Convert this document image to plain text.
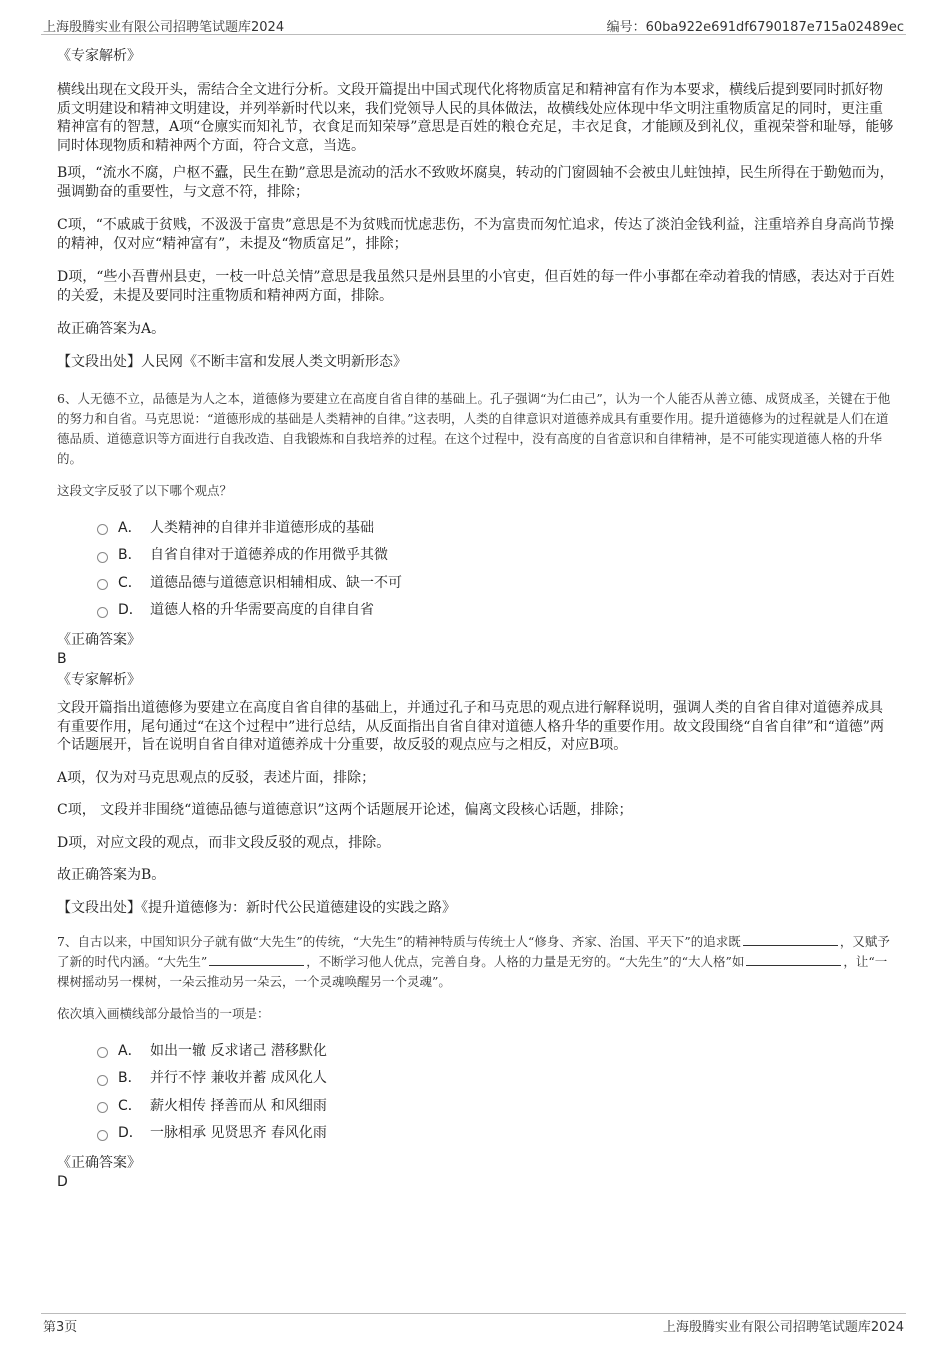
上海殷腾实业有限公司招聘笔试题库2024	编号：60ba922e691df6790187e715a02489ec

《专家解析》

横线出现在文段开头，需结合全文进行分析。文段开篇提出中国式现代化将物质富足和精神富有作为本要求，横线后提到要同时抓好物质文明建设和精神文明建设，并列举新时代以来，我们党领导人民的具体做法，故横线处应体现中华文明注重物质富足的同时，更注重精神富有的智慧，A项“仓廪实而知礼节，衣食足而知荣辱”意思是百姓的粮仓充足，丰衣足食，才能顾及到礼仪，重视荣誉和耻辱，能够同时体现物质和精神两个方面，符合文意，当选。

B项，“流水不腐，户枢不蠹，民生在勤”意思是流动的活水不致败坏腐臭，转动的门窗圆轴不会被虫儿蛀蚀掉，民生所得在于勤勉而为，强调勤奋的重要性，与文意不符，排除；

C项，“不戚戚于贫贱，不汲汲于富贵”意思是不为贫贱而忧虑悲伤，不为富贵而匆忙追求，传达了淡泊金钱利益，注重培养自身高尚节操的精神，仅对应“精神富有”，未提及“物质富足”，排除；

D项，“些小吾曹州县吏，一枝一叶总关情”意思是我虽然只是州县里的小官吏，但百姓的每一件小事都在牵动着我的情感，表达对于百姓的关爱，未提及要同时注重物质和精神两方面，排除。

故正确答案为A。

【文段出处】人民网《不断丰富和发展人类文明新形态》

6、人无德不立，品德是为人之本，道德修为要建立在高度自省自律的基础上。孔子强调“为仁由己”，认为一个人能否从善立德、成贤成圣，关键在于他的努力和自省。马克思说：“道德形成的基础是人类精神的自律。”这表明，人类的自律意识对道德养成具有重要作用。提升道德修为的过程就是人们在道德品质、道德意识等方面进行自我改造、自我锻炼和自我培养的过程。在这个过程中，没有高度的自省意识和自律精神，是不可能实现道德人格的升华的。

这段文字反驳了以下哪个观点？

A． 人类精神的自律并非道德形成的基础
B． 自省自律对于道德养成的作用微乎其微
C． 道德品德与道德意识相辅相成、缺一不可
D． 道德人格的升华需要高度的自律自省

《正确答案》

B

《专家解析》

文段开篇指出道德修为要建立在高度自省自律的基础上，并通过孔子和马克思的观点进行解释说明，强调人类的自省自律对道德养成具有重要作用，尾句通过“在这个过程中”进行总结，从反面指出自省自律对道德人格升华的重要作用。故文段围绕“自省自律”和“道德”两个话题展开，旨在说明自省自律对道德养成十分重要，故反驳的观点应与之相反，对应B项。

A项，仅为对马克思观点的反驳，表述片面，排除；

C项， 文段并非围绕“道德品德与道德意识”这两个话题展开论述，偏离文段核心话题，排除；

D项，对应文段的观点，而非文段反驳的观点，排除。

故正确答案为B。

【文段出处】《提升道德修为：新时代公民道德建设的实践之路》

7、自古以来，中国知识分子就有做“大先生”的传统，“大先生”的精神特质与传统士人“修身、齐家、治国、平天下”的追求既	，又赋予了新的时代内涵。“大先生”	，不断学习他人优点，完善自身。人格的力量是无穷的。“大先生”的“大人格”如	，让“一棵树摇动另一棵树，一朵云推动另一朵云，一个灵魂唤醒另一个灵魂”。

依次填入画横线部分最恰当的一项是：

A． 如出一辙 反求诸己 潜移默化
B． 并行不悖 兼收并蓄 成风化人
C． 薪火相传 择善而从 和风细雨
D． 一脉相承 见贤思齐 春风化雨

《正确答案》

D

第3页	上海殷腾实业有限公司招聘笔试题库2024
